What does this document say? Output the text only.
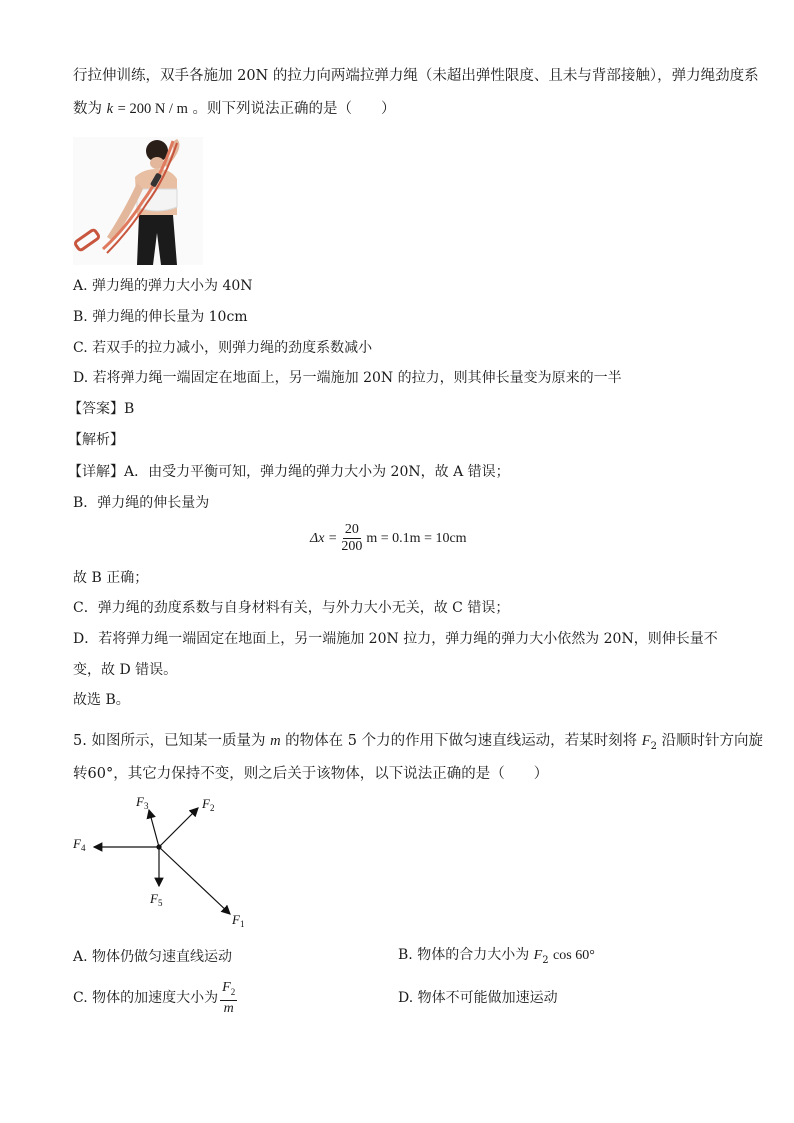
行拉伸训练，双手各施加 20N 的拉力向两端拉弹力绳（未超出弹性限度、且未与背部接触），弹力绳劲度系
数为 k = 200 N / m 。则下列说法正确的是（　　）
A. 弹力绳的弹力大小为 40N
B. 弹力绳的伸长量为 10cm
C. 若双手的拉力减小，则弹力绳的劲度系数减小
D. 若将弹力绳一端固定在地面上，另一端施加 20N 的拉力，则其伸长量变为原来的一半
【答案】B
【解析】
【详解】A．由受力平衡可知，弹力绳的弹力大小为 20N，故 A 错误；
B．弹力绳的伸长量为
$\Delta x = \frac{20}{200}$ m = 0.1m = 10cm
故 B 正确；
C．弹力绳的劲度系数与自身材料有关，与外力大小无关，故 C 错误；
D．若将弹力绳一端固定在地面上，另一端施加 20N 拉力，弹力绳的弹力大小依然为 20N，则伸长量不
变，故 D 错误。
故选 B。
5. 如图所示，已知某一质量为 m 的物体在 5 个力的作用下做匀速直线运动，若某时刻将 $F_2$ 沿顺时针方向旋
转60°，其它力保持不变，则之后关于该物体，以下说法正确的是（　　）
$F_1$
$F_2$
$F_3$
$F_4$
$F_5$
A. 物体仍做匀速直线运动	B. 物体的合力大小为 $F_2$ cos 60°
C. 物体的加速度大小为 $\frac{F_2}{m}$	D. 物体不可能做加速运动
